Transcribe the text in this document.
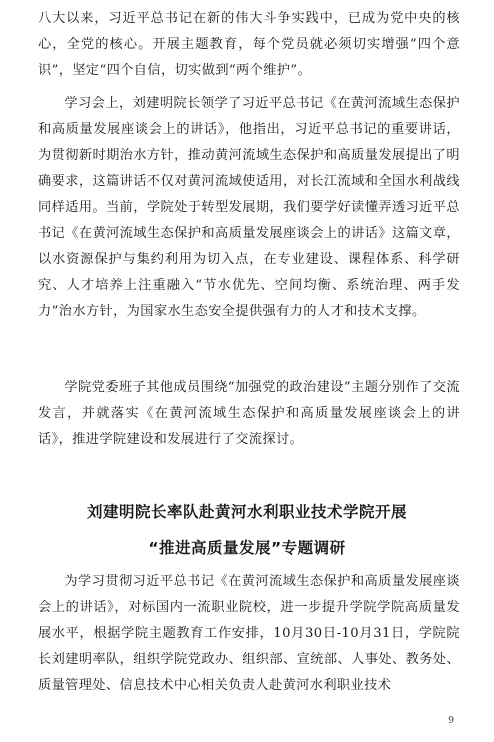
八大以来，习近平总书记在新的伟大斗争实践中，已成为党中央的核心，全党的核心。开展主题教育，每个党员就必须切实增强“四个意识”，坚定“四个自信，切实做到“两个维护”。

学习会上，刘建明院长领学了习近平总书记《在黄河流域生态保护和高质量发展座谈会上的讲话》，他指出，习近平总书记的重要讲话，为贯彻新时期治水方针，推动黄河流域生态保护和高质量发展提出了明确要求，这篇讲话不仅对黄河流域使适用，对长江流域和全国水利战线同样适用。当前，学院处于转型发展期，我们要学好读懂弄透习近平总书记《在黄河流域生态保护和高质量发展座谈会上的讲话》这篇文章，以水资源保护与集约利用为切入点，在专业建设、课程体系、科学研究、人才培养上注重融入“节水优先、空间均衡、系统治理、两手发力”治水方针，为国家水生态安全提供强有力的人才和技术支撑。

学院党委班子其他成员围绕“加强党的政治建设”主题分别作了交流发言，并就落实《在黄河流域生态保护和高质量发展座谈会上的讲话》，推进学院建设和发展进行了交流探讨。

刘建明院长率队赴黄河水利职业技术学院开展
“推进高质量发展”专题调研

为学习贯彻习近平总书记《在黄河流域生态保护和高质量发展座谈会上的讲话》，对标国内一流职业院校，进一步提升学院学院高质量发展水平，根据学院主题教育工作安排，10月30日-10月31日，学院院长刘建明率队，组织学院党政办、组织部、宣统部、人事处、教务处、质量管理处、信息技术中心相关负责人赴黄河水利职业技术

9
